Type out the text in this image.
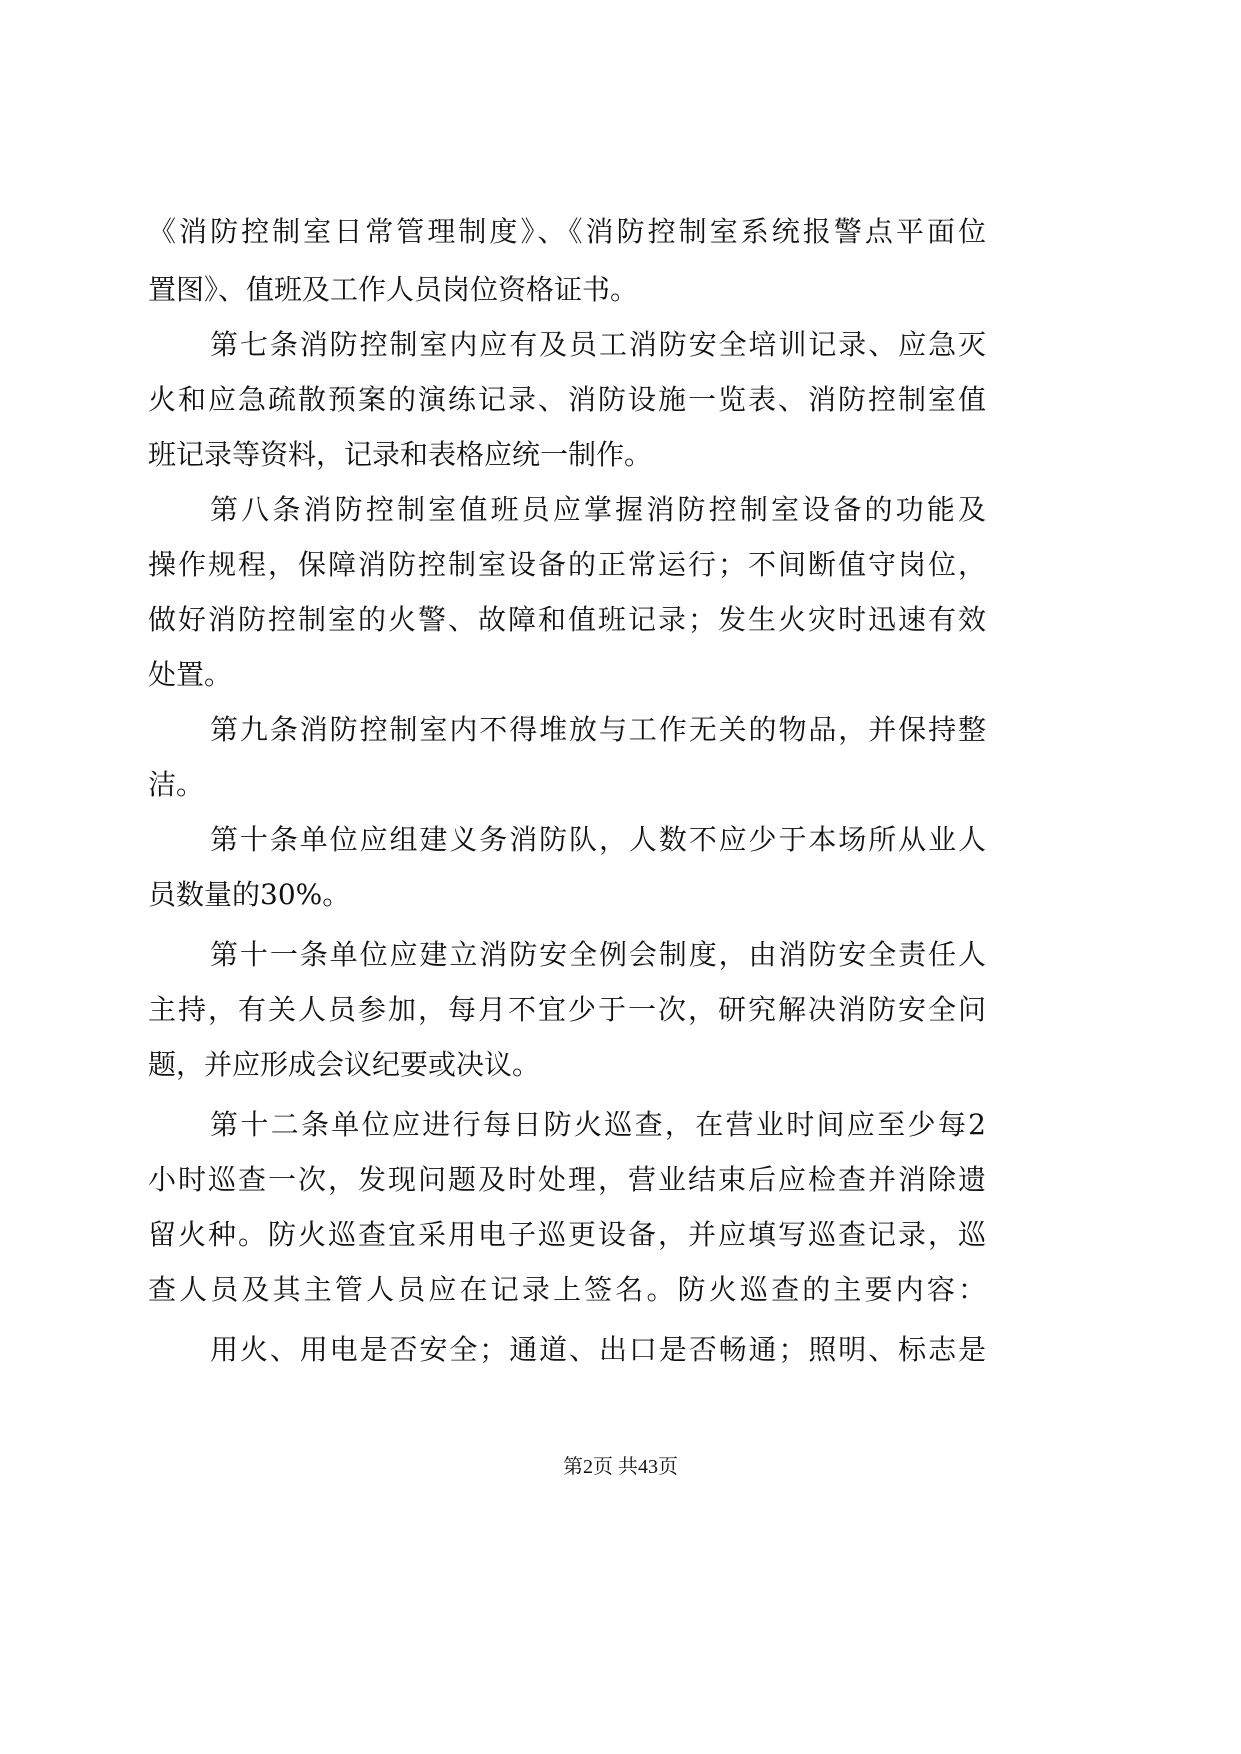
《消防控制室日常管理制度》、《消防控制室系统报警点平面位
置图》、值班及工作人员岗位资格证书。
第七条消防控制室内应有及员工消防安全培训记录、应急灭
火和应急疏散预案的演练记录、消防设施一览表、消防控制室值
班记录等资料，记录和表格应统一制作。
第八条消防控制室值班员应掌握消防控制室设备的功能及
操作规程，保障消防控制室设备的正常运行；不间断值守岗位，
做好消防控制室的火警、故障和值班记录；发生火灾时迅速有效
处置。
第九条消防控制室内不得堆放与工作无关的物品，并保持整
洁。
第十条单位应组建义务消防队，人数不应少于本场所从业人
员数量的30%。
第十一条单位应建立消防安全例会制度，由消防安全责任人
主持，有关人员参加，每月不宜少于一次，研究解决消防安全问
题，并应形成会议纪要或决议。
第十二条单位应进行每日防火巡查，在营业时间应至少每2
小时巡查一次，发现问题及时处理，营业结束后应检查并消除遗
留火种。防火巡查宜采用电子巡更设备，并应填写巡查记录，巡
查人员及其主管人员应在记录上签名。防火巡查的主要内容：
用火、用电是否安全；通道、出口是否畅通；照明、标志是
第2页 共43页
